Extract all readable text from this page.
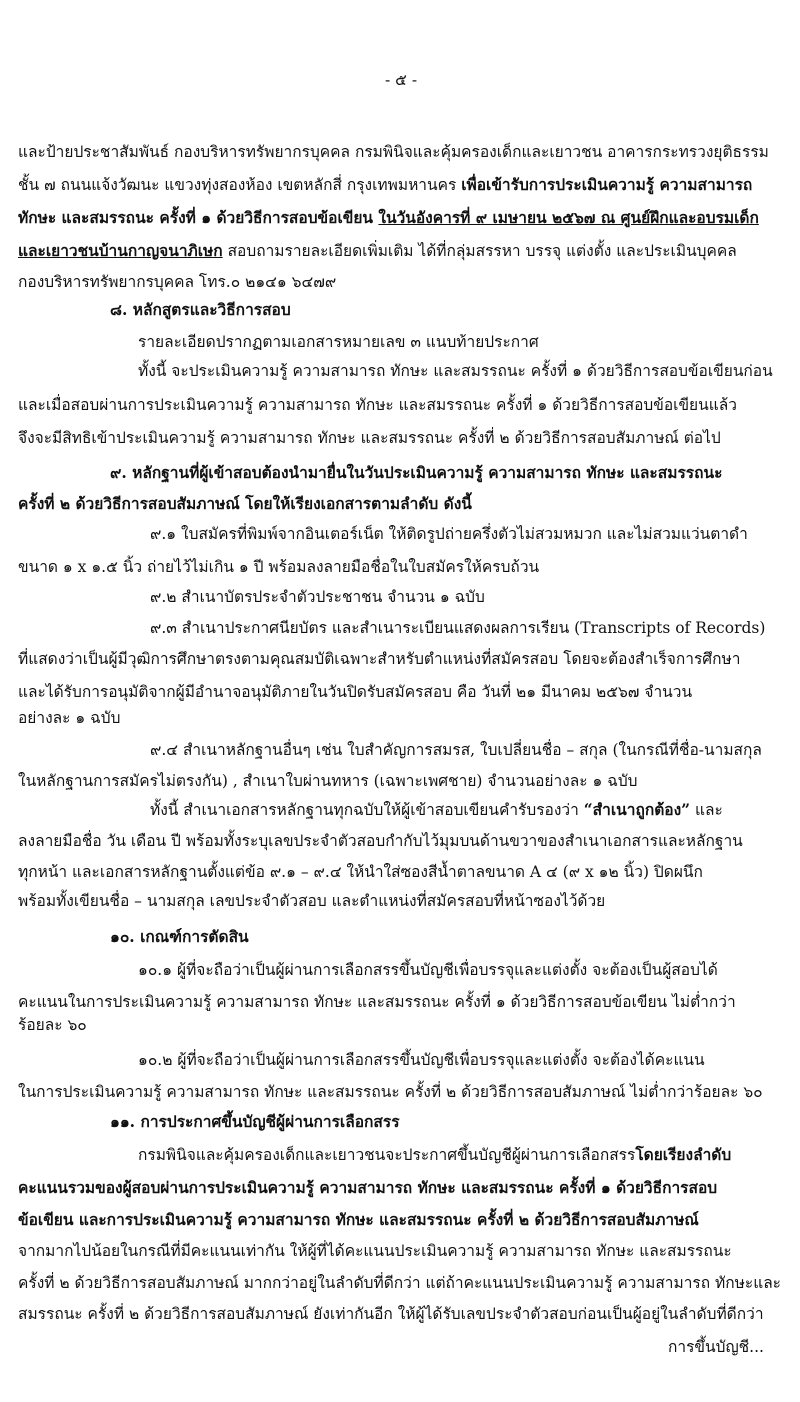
- ๕ -
และป้ายประชาสัมพันธ์ กองบริหารทรัพยากรบุคคล กรมพินิจและคุ้มครองเด็กและเยาวชน อาคารกระทรวงยุติธรรม
ชั้น ๗ ถนนแจ้งวัฒนะ แขวงทุ่งสองห้อง เขตหลักสี่ กรุงเทพมหานคร เพื่อเข้ารับการประเมินความรู้ ความสามารถ
ทักษะ และสมรรถนะ ครั้งที่ ๑ ด้วยวิธีการสอบข้อเขียน ในวันอังคารที่ ๙ เมษายน ๒๕๖๗ ณ ศูนย์ฝึกและอบรมเด็ก
และเยาวชนบ้านกาญจนาภิเษก สอบถามรายละเอียดเพิ่มเติม ได้ที่กลุ่มสรรหา บรรจุ แต่งตั้ง และประเมินบุคคล
กองบริหารทรัพยากรบุคคล โทร.๐ ๒๑๔๑ ๖๔๗๙
๘. หลักสูตรและวิธีการสอบ
รายละเอียดปรากฏตามเอกสารหมายเลข ๓ แนบท้ายประกาศ
ทั้งนี้ จะประเมินความรู้ ความสามารถ ทักษะ และสมรรถนะ ครั้งที่ ๑ ด้วยวิธีการสอบข้อเขียนก่อน
และเมื่อสอบผ่านการประเมินความรู้ ความสามารถ ทักษะ และสมรรถนะ ครั้งที่ ๑ ด้วยวิธีการสอบข้อเขียนแล้ว
จึงจะมีสิทธิเข้าประเมินความรู้ ความสามารถ ทักษะ และสมรรถนะ ครั้งที่ ๒ ด้วยวิธีการสอบสัมภาษณ์ ต่อไป
๙. หลักฐานที่ผู้เข้าสอบต้องนำมายื่นในวันประเมินความรู้ ความสามารถ ทักษะ และสมรรถนะ
ครั้งที่ ๒ ด้วยวิธีการสอบสัมภาษณ์ โดยให้เรียงเอกสารตามลำดับ ดังนี้
๙.๑ ใบสมัครที่พิมพ์จากอินเตอร์เน็ต ให้ติดรูปถ่ายครึ่งตัวไม่สวมหมวก และไม่สวมแว่นตาดำ
ขนาด ๑ x ๑.๕ นิ้ว ถ่ายไว้ไม่เกิน ๑ ปี พร้อมลงลายมือชื่อในใบสมัครให้ครบถ้วน
๙.๒ สำเนาบัตรประจำตัวประชาชน จำนวน ๑ ฉบับ
๙.๓ สำเนาประกาศนียบัตร และสำเนาระเบียนแสดงผลการเรียน (Transcripts of Records)
ที่แสดงว่าเป็นผู้มีวุฒิการศึกษาตรงตามคุณสมบัติเฉพาะสำหรับตำแหน่งที่สมัครสอบ โดยจะต้องสำเร็จการศึกษา
และได้รับการอนุมัติจากผู้มีอำนาจอนุมัติภายในวันปิดรับสมัครสอบ คือ วันที่ ๒๑ มีนาคม ๒๕๖๗ จำนวน
อย่างละ ๑ ฉบับ
๙.๔ สำเนาหลักฐานอื่นๆ เช่น ใบสำคัญการสมรส, ใบเปลี่ยนชื่อ – สกุล (ในกรณีที่ชื่อ-นามสกุล
ในหลักฐานการสมัครไม่ตรงกัน) , สำเนาใบผ่านทหาร (เฉพาะเพศชาย) จำนวนอย่างละ ๑ ฉบับ
ทั้งนี้ สำเนาเอกสารหลักฐานทุกฉบับให้ผู้เข้าสอบเขียนคำรับรองว่า “สำเนาถูกต้อง” และ
ลงลายมือชื่อ วัน เดือน ปี พร้อมทั้งระบุเลขประจำตัวสอบกำกับไว้มุมบนด้านขวาของสำเนาเอกสารและหลักฐาน
ทุกหน้า และเอกสารหลักฐานตั้งแต่ข้อ ๙.๑ – ๙.๔ ให้นำใส่ซองสีน้ำตาลขนาด A ๔ (๙ x ๑๒ นิ้ว) ปิดผนึก
พร้อมทั้งเขียนชื่อ – นามสกุล เลขประจำตัวสอบ และตำแหน่งที่สมัครสอบที่หน้าซองไว้ด้วย
๑๐. เกณฑ์การตัดสิน
๑๐.๑ ผู้ที่จะถือว่าเป็นผู้ผ่านการเลือกสรรขึ้นบัญชีเพื่อบรรจุและแต่งตั้ง จะต้องเป็นผู้สอบได้
คะแนนในการประเมินความรู้ ความสามารถ ทักษะ และสมรรถนะ ครั้งที่ ๑ ด้วยวิธีการสอบข้อเขียน ไม่ต่ำกว่า
ร้อยละ ๖๐
๑๐.๒ ผู้ที่จะถือว่าเป็นผู้ผ่านการเลือกสรรขึ้นบัญชีเพื่อบรรจุและแต่งตั้ง จะต้องได้คะแนน
ในการประเมินความรู้ ความสามารถ ทักษะ และสมรรถนะ ครั้งที่ ๒ ด้วยวิธีการสอบสัมภาษณ์ ไม่ต่ำกว่าร้อยละ ๖๐
๑๑. การประกาศขึ้นบัญชีผู้ผ่านการเลือกสรร
กรมพินิจและคุ้มครองเด็กและเยาวชนจะประกาศขึ้นบัญชีผู้ผ่านการเลือกสรรโดยเรียงลำดับ
คะแนนรวมของผู้สอบผ่านการประเมินความรู้ ความสามารถ ทักษะ และสมรรถนะ ครั้งที่ ๑ ด้วยวิธีการสอบ
ข้อเขียน และการประเมินความรู้ ความสามารถ ทักษะ และสมรรถนะ ครั้งที่ ๒ ด้วยวิธีการสอบสัมภาษณ์
จากมากไปน้อยในกรณีที่มีคะแนนเท่ากัน ให้ผู้ที่ได้คะแนนประเมินความรู้ ความสามารถ ทักษะ และสมรรถนะ
ครั้งที่ ๒ ด้วยวิธีการสอบสัมภาษณ์ มากกว่าอยู่ในลำดับที่ดีกว่า แต่ถ้าคะแนนประเมินความรู้ ความสามารถ ทักษะและ
สมรรถนะ ครั้งที่ ๒ ด้วยวิธีการสอบสัมภาษณ์ ยังเท่ากันอีก ให้ผู้ได้รับเลขประจำตัวสอบก่อนเป็นผู้อยู่ในลำดับที่ดีกว่า
การขึ้นบัญชี...
